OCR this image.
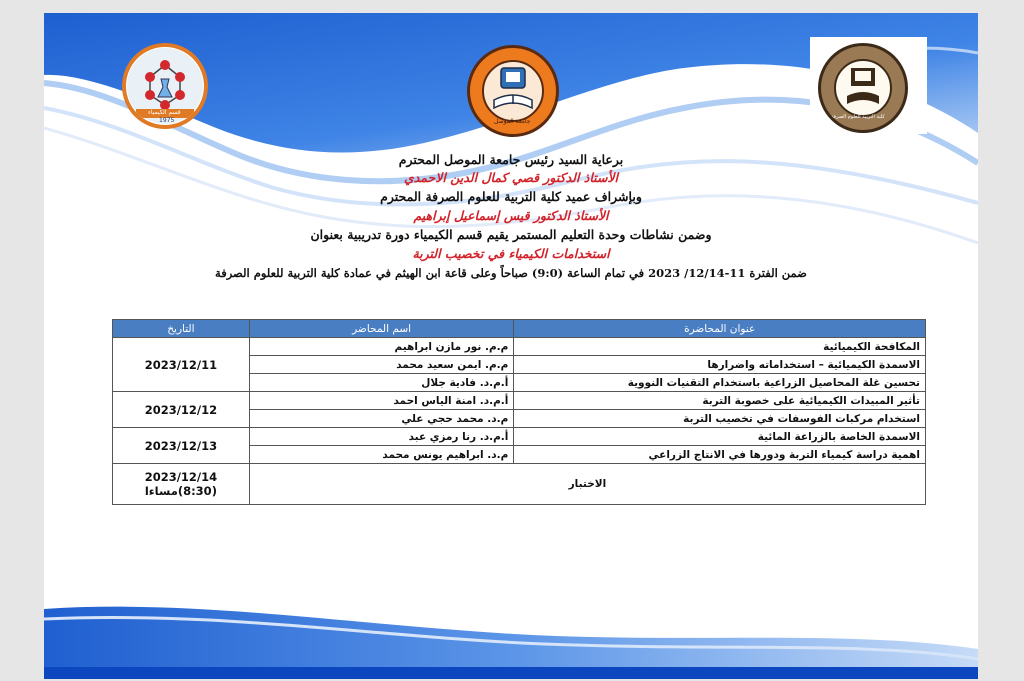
قسم الكيمياء
1975	جامعة الموصل
كلية التربية للعلوم الصرفة
برعاية السيد رئيس جامعة الموصل المحترم
الأستاذ الدكتور قصي كمال الدين الاحمدي
وبإشراف عميد كلية التربية للعلوم الصرفة المحترم
الأستاذ الدكتور قيس إسماعيل إبراهيم
وضمن نشاطات وحدة التعليم المستمر يقيم قسم الكيمياء دورة تدريبية بعنوان
استخدامات الكيمياء في تخصيب التربة
ضمن الفترة 11-12/14/ 2023 في تمام الساعة (9:0) صباحاً وعلى قاعة ابن الهيثم في عمادة كلية التربية للعلوم الصرفة
عنوان المحاضرة	اسم المحاضر	التاريخ
المكافحة الكيميائية	م.م. نور مازن ابراهيم	2023/12/11
الاسمدة الكيميائية – استخداماته واضرارها	م.م. ايمن سعيد محمد	
تحسين غلة المحاصيل الزراعية باستخدام التقنيات النووية	أ.م.د. فادية جلال	
تأثير المبيدات الكيميائية على خصوبة التربة	أ.م.د. امنة الياس احمد	2023/12/12
استخدام مركبات الفوسفات في تخصيب التربة	م.د. محمد حجي علي	
الاسمدة الخاصة بالزراعة المائية	أ.م.د. رنا رمزي عبد	2023/12/13
اهمية دراسة كيمياء التربة ودورها في الانتاج الزراعي	م.د. ابراهيم يونس محمد	
الاختبار		2023/12/14
(8:30)مساءا
